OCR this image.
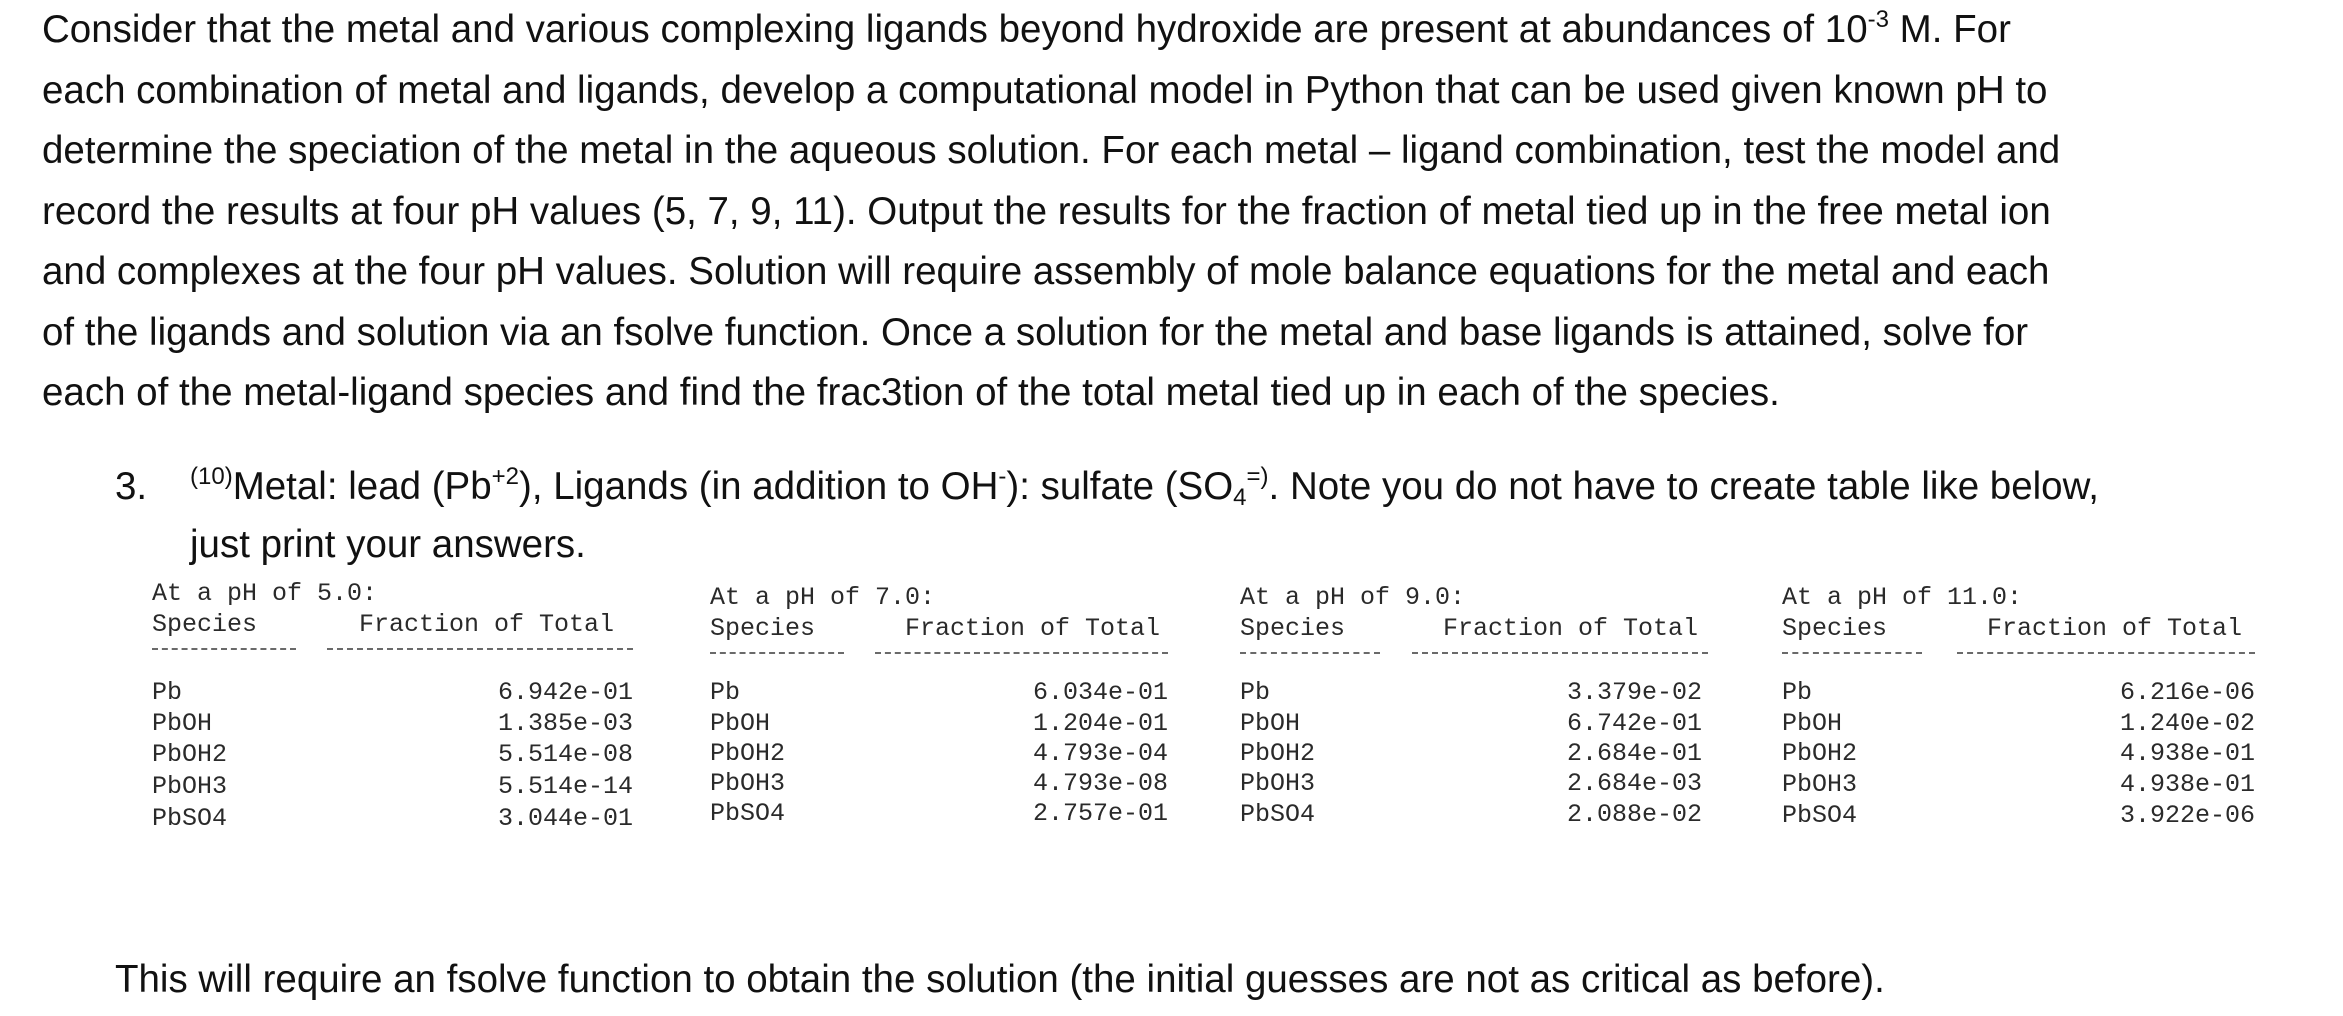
Consider that the metal and various complexing ligands beyond hydroxide are present at abundances of $10^{-3}$ M. For
each combination of metal and ligands, develop a computational model in Python that can be used given known pH to
determine the speciation of the metal in the aqueous solution. For each metal – ligand combination, test the model and
record the results at four pH values (5, 7, 9, 11). Output the results for the fraction of metal tied up in the free metal ion
and complexes at the four pH values. Solution will require assembly of mole balance equations for the metal and each
of the ligands and solution via an fsolve function. Once a solution for the metal and base ligands is attained, solve for
each of the metal-ligand species and find the frac3tion of the total metal tied up in each of the species.
3. $^{(10)}$Metal: lead $(Pb^{+2})$, Ligands (in addition to OH-): sulfate ($SO_4^{=)}$. Note you do not have to create table like below,
just print your answers.
At a pH of 5.0:
Species	Fraction of Total
Pb	6.942e-01
PbOH	1.385e-03
PbOH2	5.514e-08
PbOH3	5.514e-14
PbSO4	3.044e-01
At a pH of 7.0:
Species	Fraction of Total
Pb	6.034e-01
PbOH	1.204e-01
PbOH2	4.793e-04
PbOH3	4.793e-08
PbSO4	2.757e-01
At a pH of 9.0:
Species	Fraction of Total
Pb	3.379e-02
PbOH	6.742e-01
PbOH2	2.684e-01
PbOH3	2.684e-03
PbSO4	2.088e-02
At a pH of 11.0:
Species	Fraction of Total
Pb	6.216e-06
PbOH	1.240e-02
PbOH2	4.938e-01
PbOH3	4.938e-01
PbSO4	3.922e-06
This will require an fsolve function to obtain the solution (the initial guesses are not as critical as before).
